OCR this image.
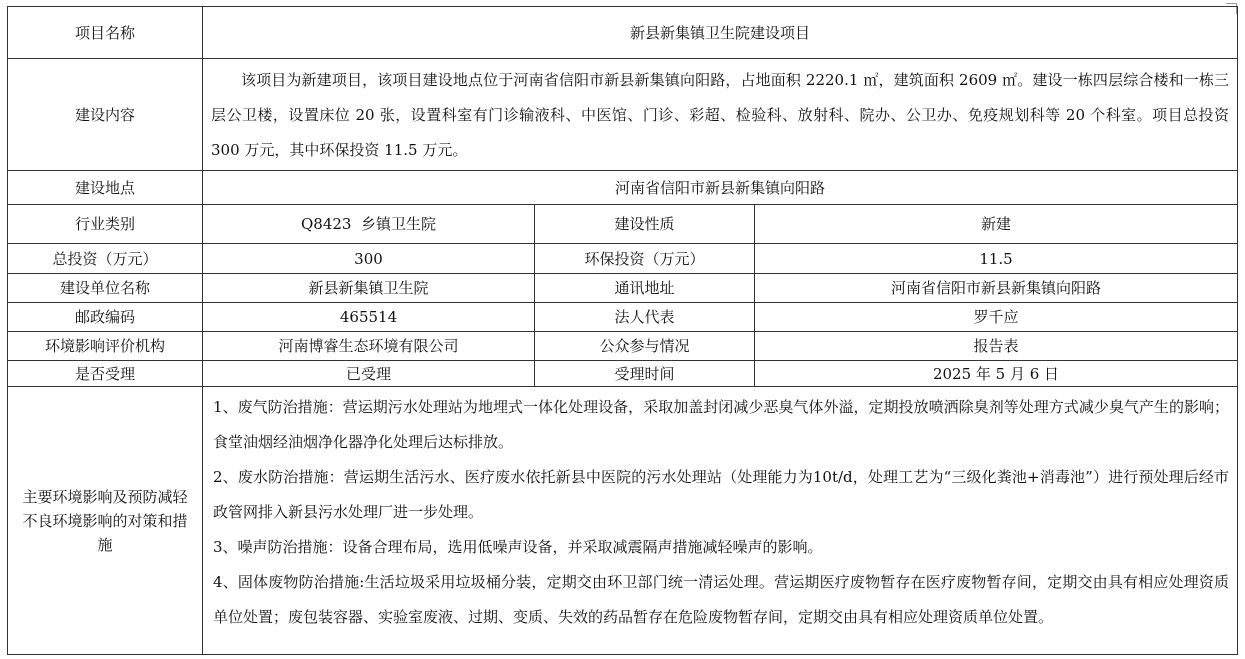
项目名称	新县新集镇卫生院建设项目		
建设内容	该项目为新建项目，该项目建设地点位于河南省信阳市新县新集镇向阳路，占地面积 2220.1 ㎡，建筑面积 2609 ㎡。建设一栋四层综合楼和一栋三层公卫楼，设置床位 20 张，设置科室有门诊输液科、中医馆、门诊、彩超、检验科、放射科、院办、公卫办、免疫规划科等 20 个科室。项目总投资 300 万元，其中环保投资 11.5 万元。		
建设地点	河南省信阳市新县新集镇向阳路		
行业类别	Q8423  乡镇卫生院	建设性质	新建
总投资（万元）	300	环保投资（万元）	11.5
建设单位名称	新县新集镇卫生院	通讯地址	河南省信阳市新县新集镇向阳路
邮政编码	465514	法人代表	罗千应
环境影响评价机构	河南博睿生态环境有限公司	公众参与情况	报告表
是否受理	已受理	受理时间	2025 年 5 月 6 日
主要环境影响及预防减轻不良环境影响的对策和措施	1、废气防治措施：营运期污水处理站为地埋式一体化处理设备，采取加盖封闭减少恶臭气体外溢，定期投放喷洒除臭剂等处理方式减少臭气产生的影响；食堂油烟经油烟净化器净化处理后达标排放。

2、废水防治措施：营运期生活污水、医疗废水依托新县中医院的污水处理站（处理能力为10t/d，处理工艺为“三级化粪池+消毒池”）进行预处理后经市政管网排入新县污水处理厂进一步处理。

3、噪声防治措施：设备合理布局，选用低噪声设备，并采取减震隔声措施减轻噪声的影响。

4、固体废物防治措施:生活垃圾采用垃圾桶分装，定期交由环卫部门统一清运处理。营运期医疗废物暂存在医疗废物暂存间，定期交由具有相应处理资质单位处置；废包装容器、实验室废液、过期、变质、失效的药品暂存在危险废物暂存间，定期交由具有相应处理资质单位处置。		
